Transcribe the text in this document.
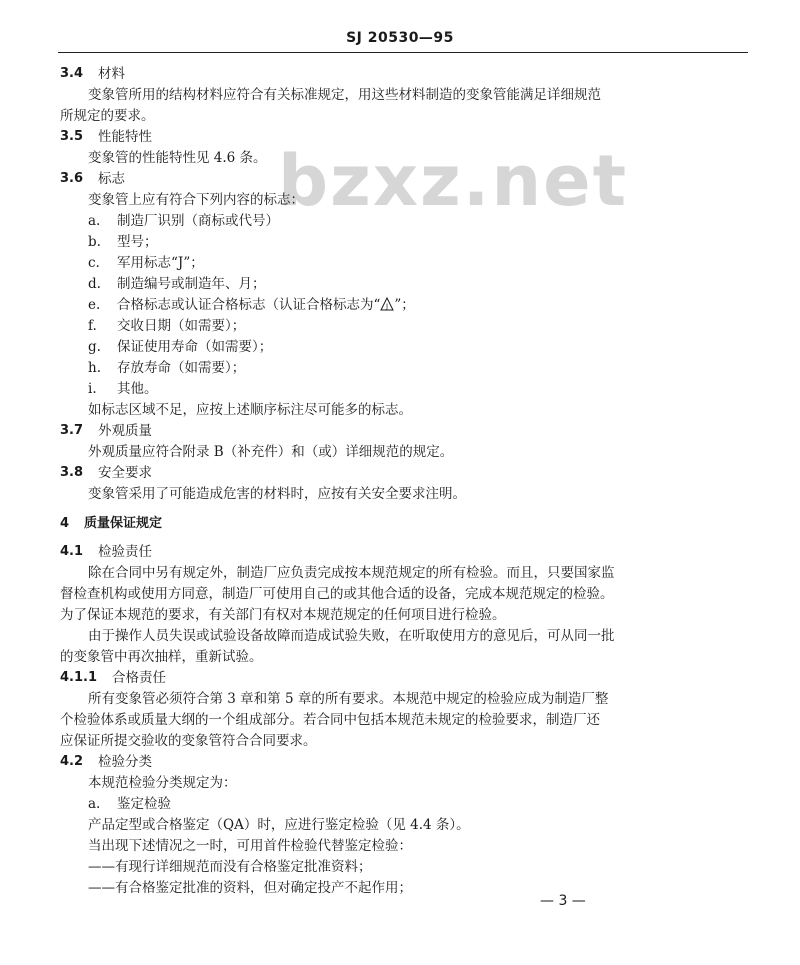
SJ 20530—95
bzxz.net
3.4 材料
变象管所用的结构材料应符合有关标准规定，用这些材料制造的变象管能满足详细规范
所规定的要求。
3.5 性能特性
变象管的性能特性见 4.6 条。
3.6 标志
变象管上应有符合下列内容的标志：
a. 制造厂识别（商标或代号）
b. 型号；
c. 军用标志“J”；
d. 制造编号或制造年、月；
e. 合格标志或认证合格标志（认证合格标志为“ J ”；
f. 交收日期（如需要）；
g. 保证使用寿命（如需要）；
h. 存放寿命（如需要）；
i. 其他。
如标志区域不足，应按上述顺序标注尽可能多的标志。
3.7 外观质量
外观质量应符合附录 B（补充件）和（或）详细规范的规定。
3.8 安全要求
变象管采用了可能造成危害的材料时，应按有关安全要求注明。
4 质量保证规定
4.1 检验责任
除在合同中另有规定外，制造厂应负责完成按本规范规定的所有检验。而且，只要国家监
督检查机构或使用方同意，制造厂可使用自己的或其他合适的设备，完成本规范规定的检验。
为了保证本规范的要求，有关部门有权对本规范规定的任何项目进行检验。
由于操作人员失误或试验设备故障而造成试验失败，在听取使用方的意见后，可从同一批
的变象管中再次抽样，重新试验。
4.1.1 合格责任
所有变象管必须符合第 3 章和第 5 章的所有要求。本规范中规定的检验应成为制造厂整
个检验体系或质量大纲的一个组成部分。若合同中包括本规范未规定的检验要求，制造厂还
应保证所提交验收的变象管符合合同要求。
4.2 检验分类
本规范检验分类规定为：
a. 鉴定检验
产品定型或合格鉴定（QA）时，应进行鉴定检验（见 4.4 条）。
当出现下述情况之一时，可用首件检验代替鉴定检验：
——有现行详细规范而没有合格鉴定批准资料；
——有合格鉴定批准的资料，但对确定投产不起作用；
— 3 —
